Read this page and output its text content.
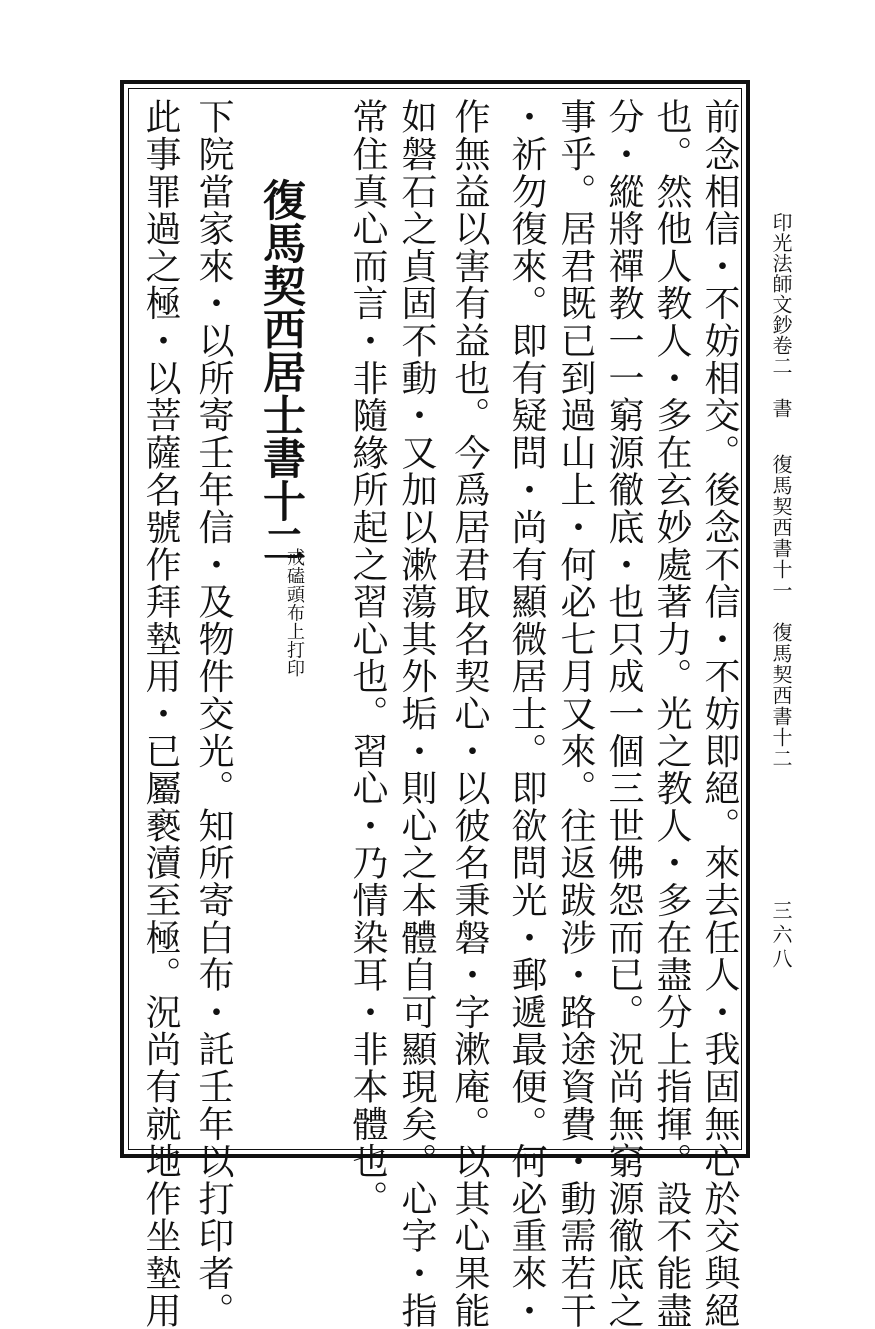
印光法師文鈔卷二
書
復馬契西書十一　復馬契西書十二
三六八
前念相信・不妨相交。後念不信・不妨即絕。來去任人・我固無心於交與絕
也。然他人教人・多在玄妙處著力。光之教人・多在盡分上指揮。設不能盡
分・縱將禪教一一窮源徹底・也只成一個三世佛怨而已。況尚無窮源徹底之
事乎。居君既已到過山上・何必七月又來。往返跋涉・路途資費・動需若干
・祈勿復來。即有疑問・尚有顯微居士。即欲問光・郵遞最便。何必重來・
作無益以害有益也。今爲居君取名契心・以彼名秉磐・字漱庵。以其心果能
如磐石之貞固不動・又加以漱蕩其外垢・則心之本體自可顯現矣。心字・指
常住真心而言・非隨緣所起之習心也。習心・乃情染耳・非本體也。
復馬契西居士書十二
戒磕頭布上打印
下院當家來・以所寄壬年信・及物件交光。知所寄白布・託壬年以打印者。
此事罪過之極・以菩薩名號作拜墊用・已屬褻瀆至極。況尚有就地作坐墊用
